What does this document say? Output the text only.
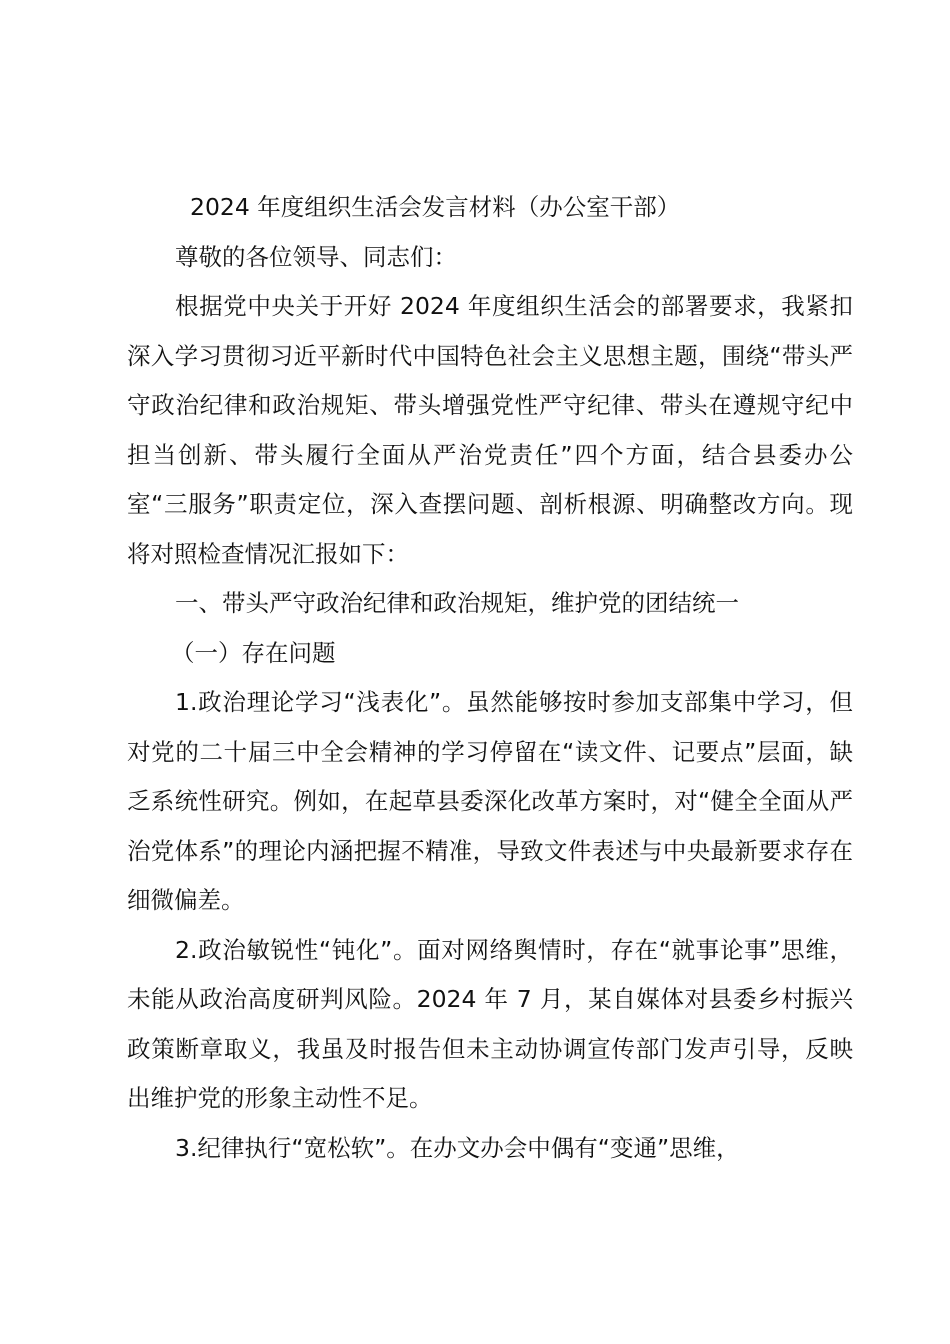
2024 年度组织生活会发言材料（办公室干部）

尊敬的各位领导、同志们：

根据党中央关于开好 2024 年度组织生活会的部署要求，我紧扣深入学习贯彻习近平新时代中国特色社会主义思想主题，围绕“带头严守政治纪律和政治规矩、带头增强党性严守纪律、带头在遵规守纪中担当创新、带头履行全面从严治党责任”四个方面，结合县委办公室“三服务”职责定位，深入查摆问题、剖析根源、明确整改方向。现将对照检查情况汇报如下：

一、带头严守政治纪律和政治规矩，维护党的团结统一

（一）存在问题

1.政治理论学习“浅表化”。虽然能够按时参加支部集中学习，但对党的二十届三中全会精神的学习停留在“读文件、记要点”层面，缺乏系统性研究。例如，在起草县委深化改革方案时，对“健全全面从严治党体系”的理论内涵把握不精准，导致文件表述与中央最新要求存在细微偏差。

2.政治敏锐性“钝化”。面对网络舆情时，存在“就事论事”思维，未能从政治高度研判风险。2024 年 7 月，某自媒体对县委乡村振兴政策断章取义，我虽及时报告但未主动协调宣传部门发声引导，反映出维护党的形象主动性不足。

3.纪律执行“宽松软”。在办文办会中偶有“变通”思维，
